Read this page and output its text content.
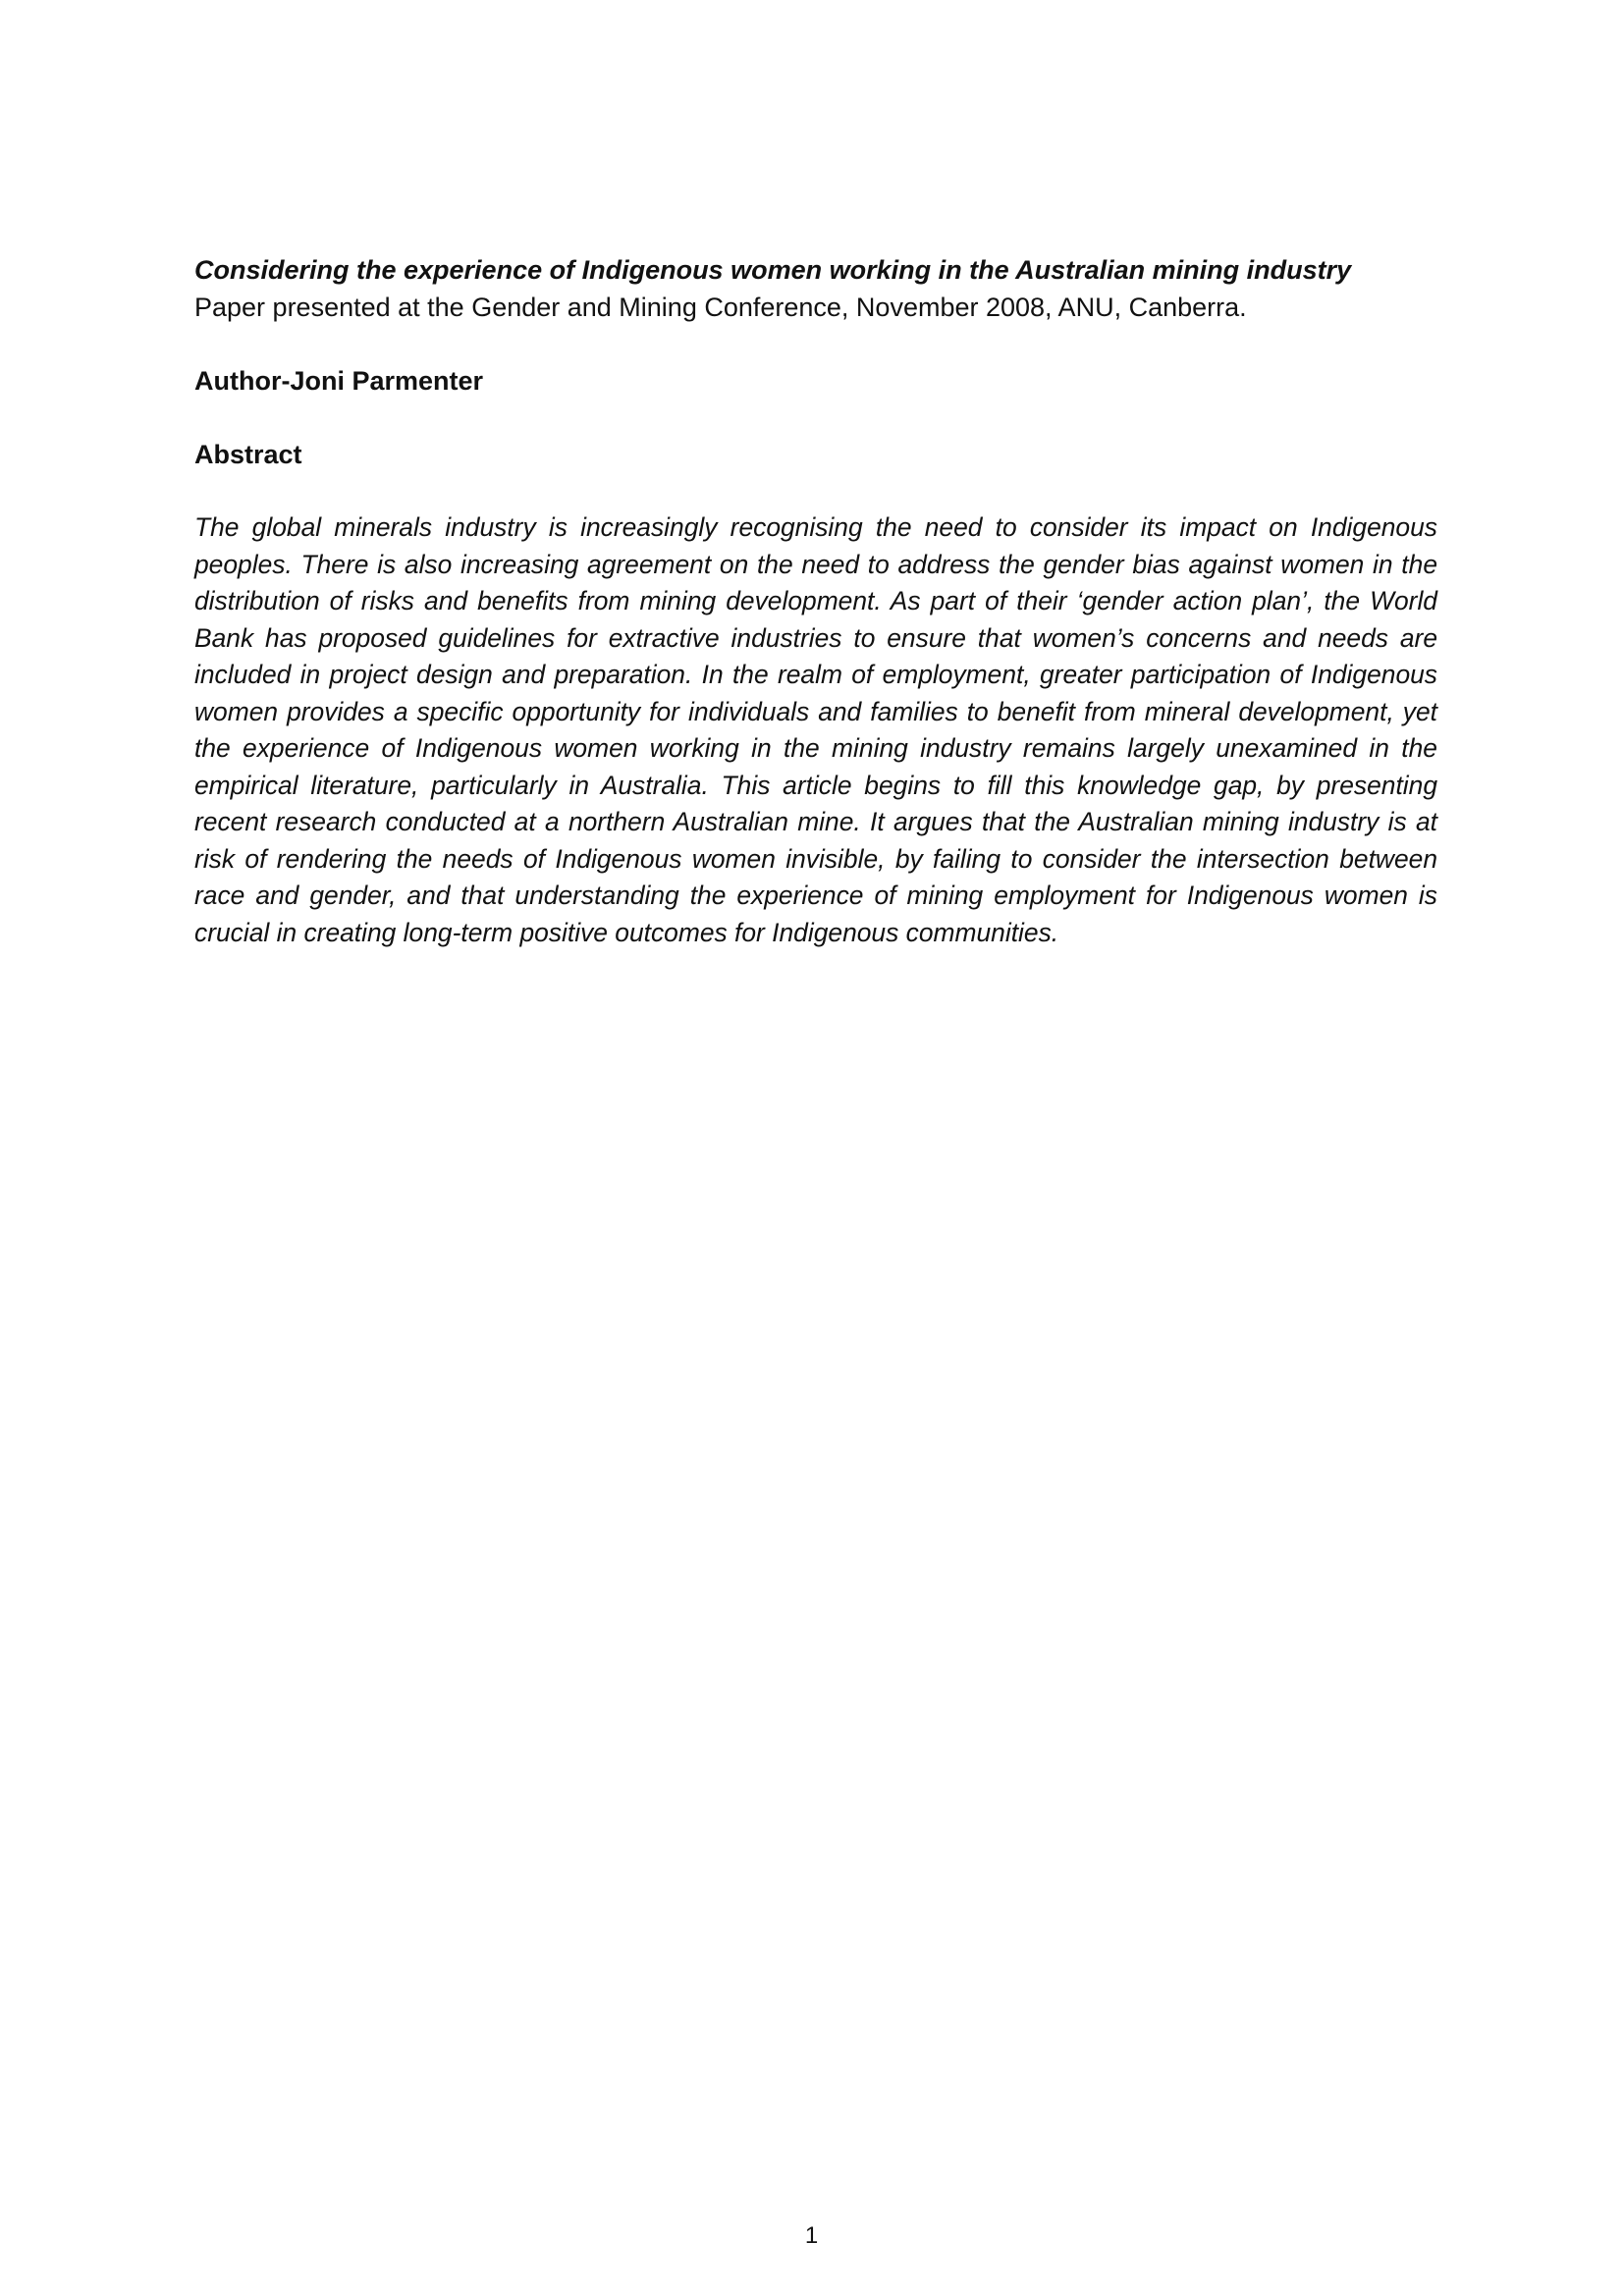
Considering the experience of Indigenous women working in the Australian mining industry

Paper presented at the Gender and Mining Conference, November 2008, ANU, Canberra.

Author-Joni Parmenter

Abstract

The global minerals industry is increasingly recognising the need to consider its impact on Indigenous peoples. There is also increasing agreement on the need to address the gender bias against women in the distribution of risks and benefits from mining development. As part of their ‘gender action plan’, the World Bank has proposed guidelines for extractive industries to ensure that women’s concerns and needs are included in project design and preparation. In the realm of employment, greater participation of Indigenous women provides a specific opportunity for individuals and families to benefit from mineral development, yet the experience of Indigenous women working in the mining industry remains largely unexamined in the empirical literature, particularly in Australia. This article begins to fill this knowledge gap, by presenting recent research conducted at a northern Australian mine. It argues that the Australian mining industry is at risk of rendering the needs of Indigenous women invisible, by failing to consider the intersection between race and gender, and that understanding the experience of mining employment for Indigenous women is crucial in creating long-term positive outcomes for Indigenous communities.

1
